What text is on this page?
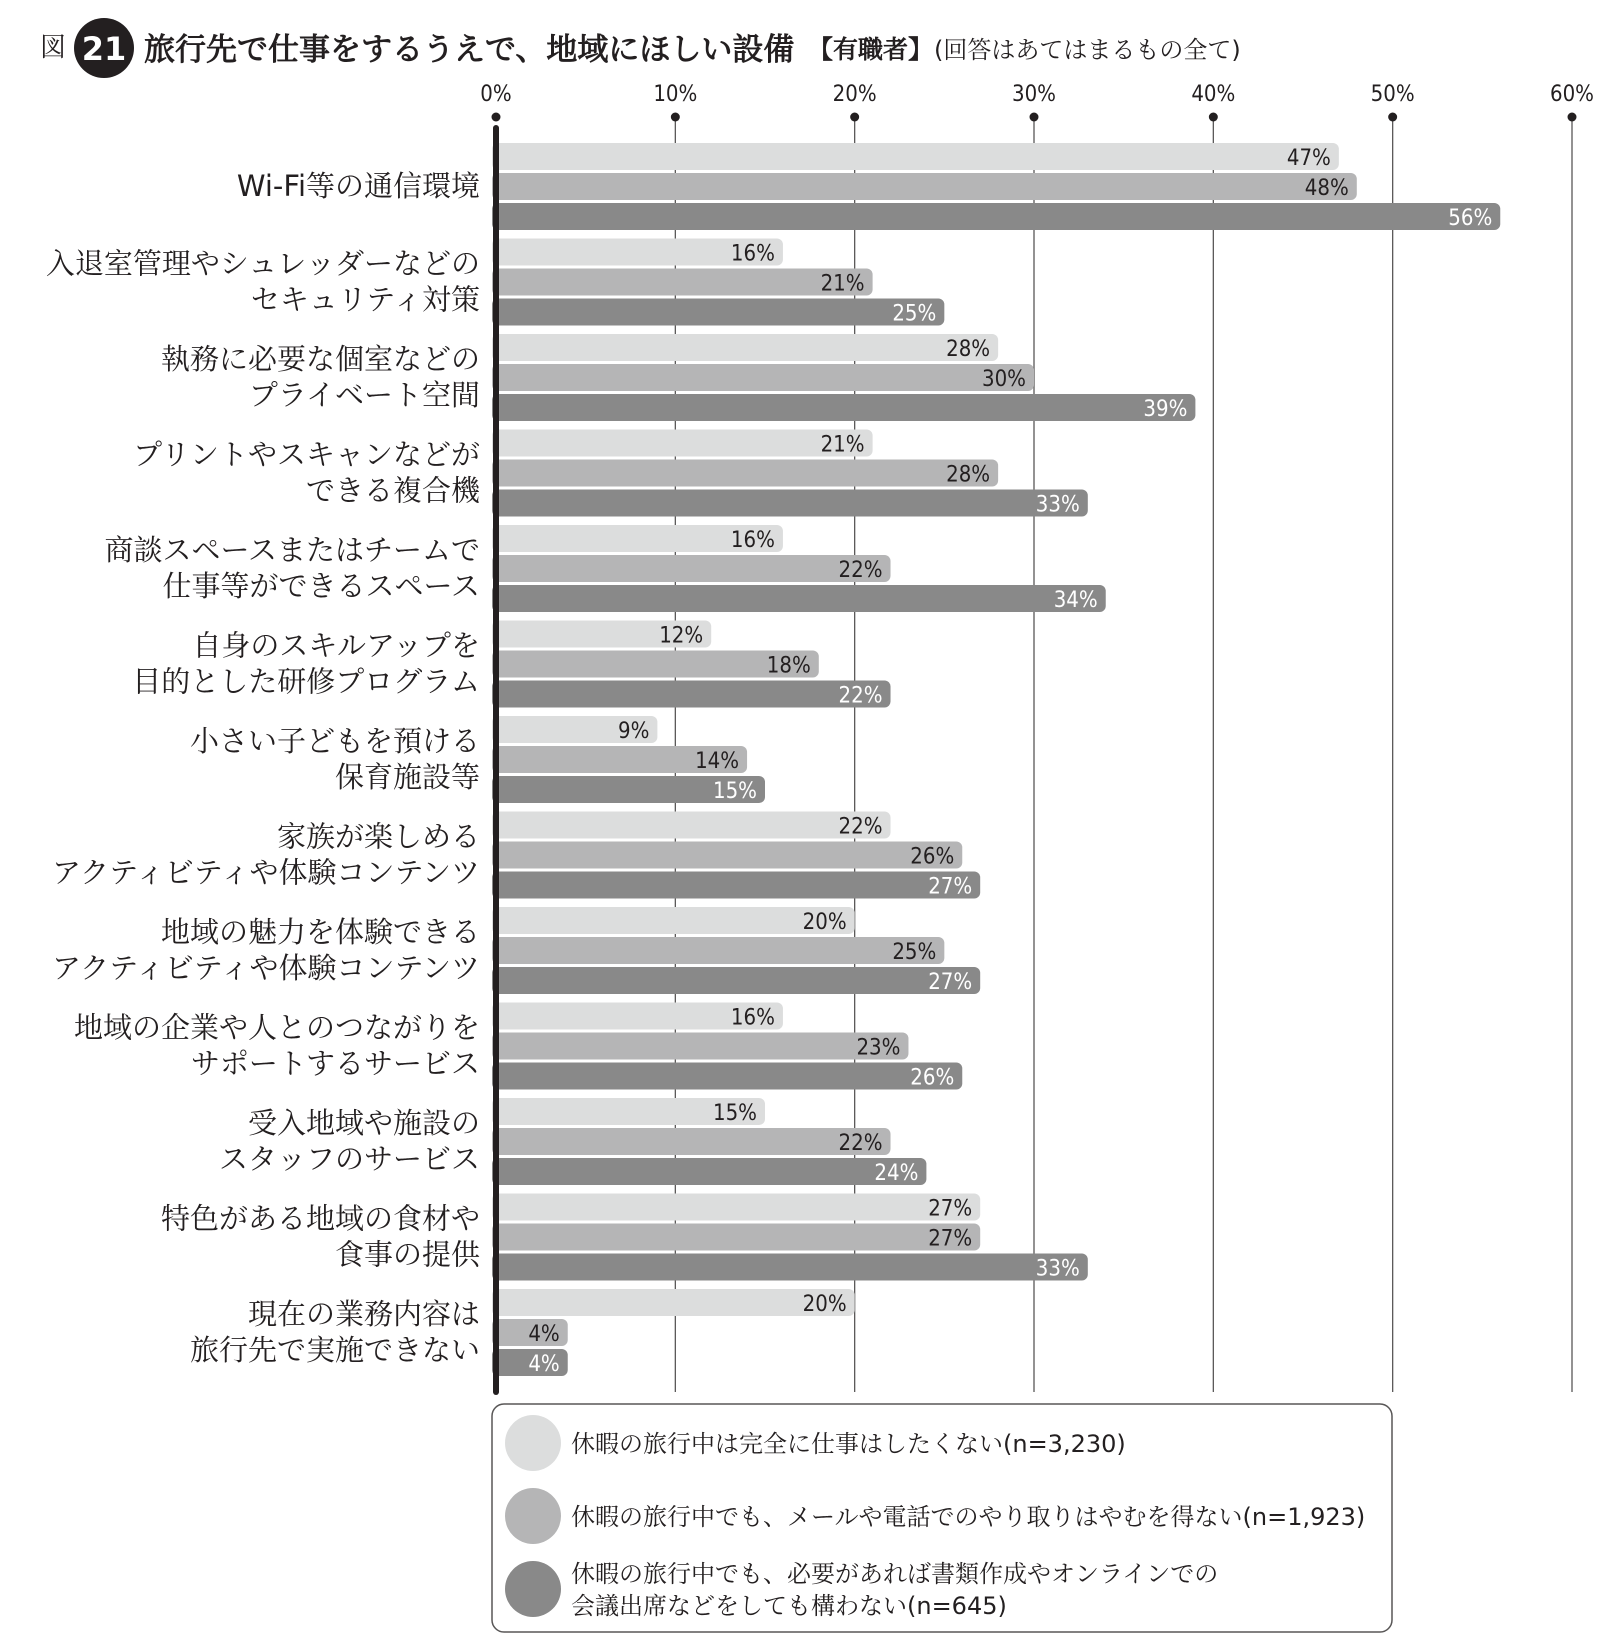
図 21 旅行先で仕事をするうえで、地域にほしい設備 【有職者】 (回答はあてはまるもの全て)
0%	10%	20%	30%	40%	50%	60%
47%
48%
56%
16%
21%
25%
28%
30%
39%
21%
28%
33%
16%
22%
34%
12%
18%
22%
9%
14%
15%
22%
26%
27%
20%
25%
27%
16%
23%
26%
15%
22%
24%
27%
27%
33%
20%
4%
4%
Wi-Fi等の通信環境
入退室管理やシュレッダーなどの
セキュリティ対策
執務に必要な個室などの
プライベート空間
プリントやスキャンなどが
できる複合機
商談スペースまたはチームで
仕事等ができるスペース
自身のスキルアップを
目的とした研修プログラム
小さい子どもを預ける
保育施設等
家族が楽しめる
アクティビティや体験コンテンツ
地域の魅力を体験できる
アクティビティや体験コンテンツ
地域の企業や人とのつながりを
サポートするサービス
受入地域や施設の
スタッフのサービス
特色がある地域の食材や
食事の提供
現在の業務内容は
旅行先で実施できない
休暇の旅行中は完全に仕事はしたくない(n=3,230)
休暇の旅行中でも、メールや電話でのやり取りはやむを得ない(n=1,923)
休暇の旅行中でも、必要があれば書類作成やオンラインでの
会議出席などをしても構わない(n=645)
